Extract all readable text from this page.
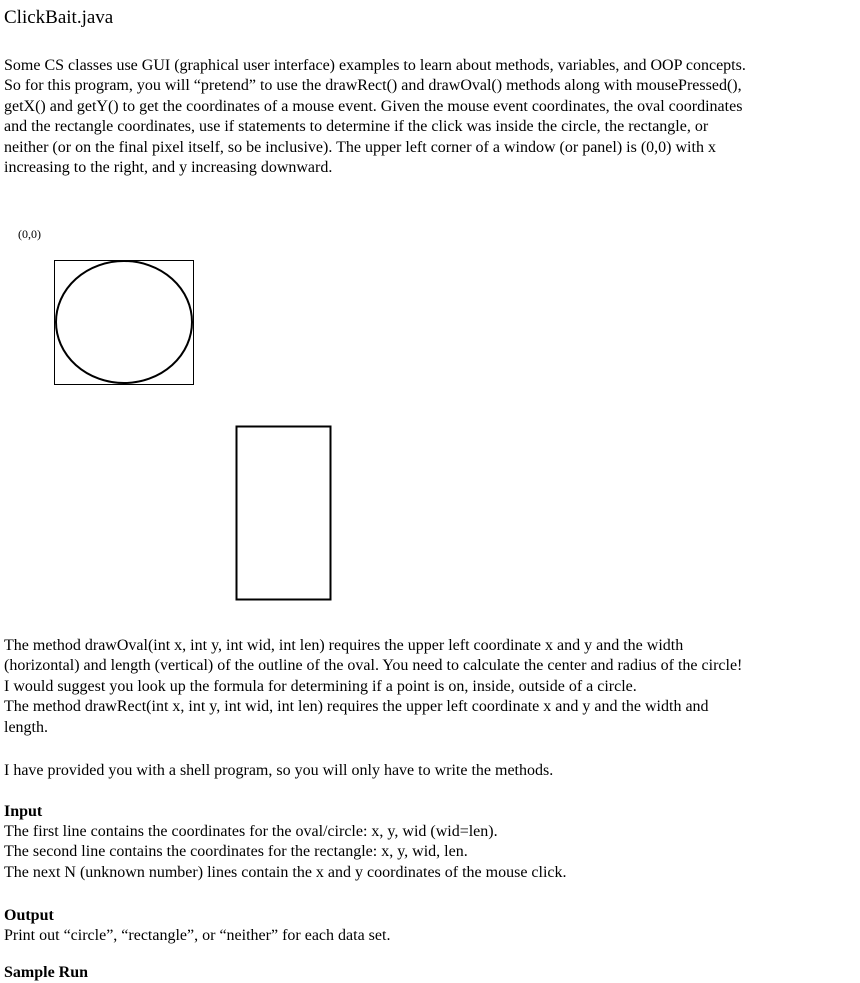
ClickBait.java

Some CS classes use GUI (graphical user interface) examples to learn about methods, variables, and OOP concepts.
So for this program, you will “pretend” to use the drawRect() and drawOval() methods along with mousePressed(),
getX() and getY() to get the coordinates of a mouse event. Given the mouse event coordinates, the oval coordinates
and the rectangle coordinates, use if statements to determine if the click was inside the circle, the rectangle, or
neither (or on the final pixel itself, so be inclusive). The upper left corner of a window (or panel) is (0,0) with x
increasing to the right, and y increasing downward.

(0,0)

The method drawOval(int x, int y, int wid, int len) requires the upper left coordinate x and y and the width
(horizontal) and length (vertical) of the outline of the oval. You need to calculate the center and radius of the circle!
I would suggest you look up the formula for determining if a point is on, inside, outside of a circle.
The method drawRect(int x, int y, int wid, int len) requires the upper left coordinate x and y and the width and
length.

I have provided you with a shell program, so you will only have to write the methods.

Input

The first line contains the coordinates for the oval/circle: x, y, wid (wid=len).
The second line contains the coordinates for the rectangle: x, y, wid, len.
The next N (unknown number) lines contain the x and y coordinates of the mouse click.

Output

Print out “circle”, “rectangle”, or “neither” for each data set.

Sample Run
